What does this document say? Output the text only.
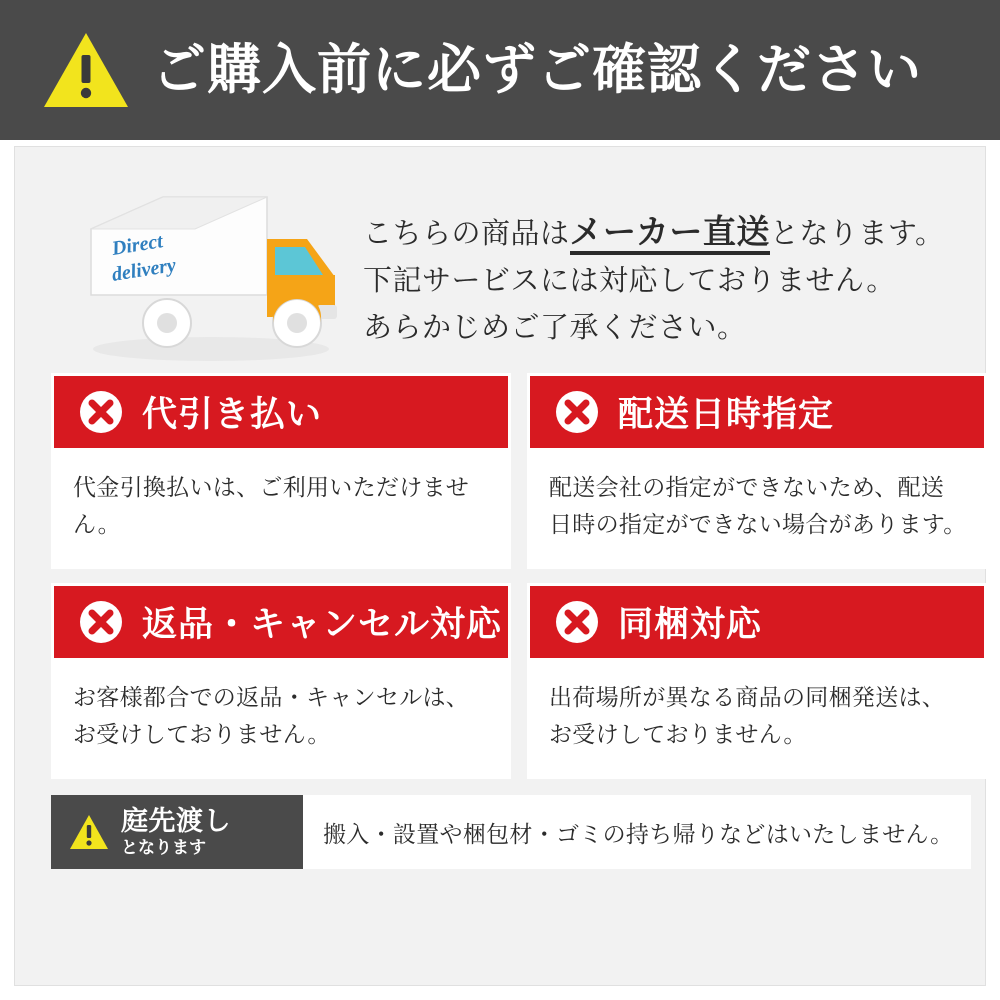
ご購入前に必ずご確認ください
Direct
delivery
こちらの商品はメーカー直送となります。
下記サービスには対応しておりません。
あらかじめご了承ください。
代引き払い
代金引換払いは、ご利用いただけません。
配送日時指定
配送会社の指定ができないため、配送日時の指定ができない場合があります。
返品・キャンセル対応
お客様都合での返品・キャンセルは、お受けしておりません。
同梱対応
出荷場所が異なる商品の同梱発送は、お受けしておりません。
庭先渡し
となります
搬入・設置や梱包材・ゴミの持ち帰りなどはいたしません。
